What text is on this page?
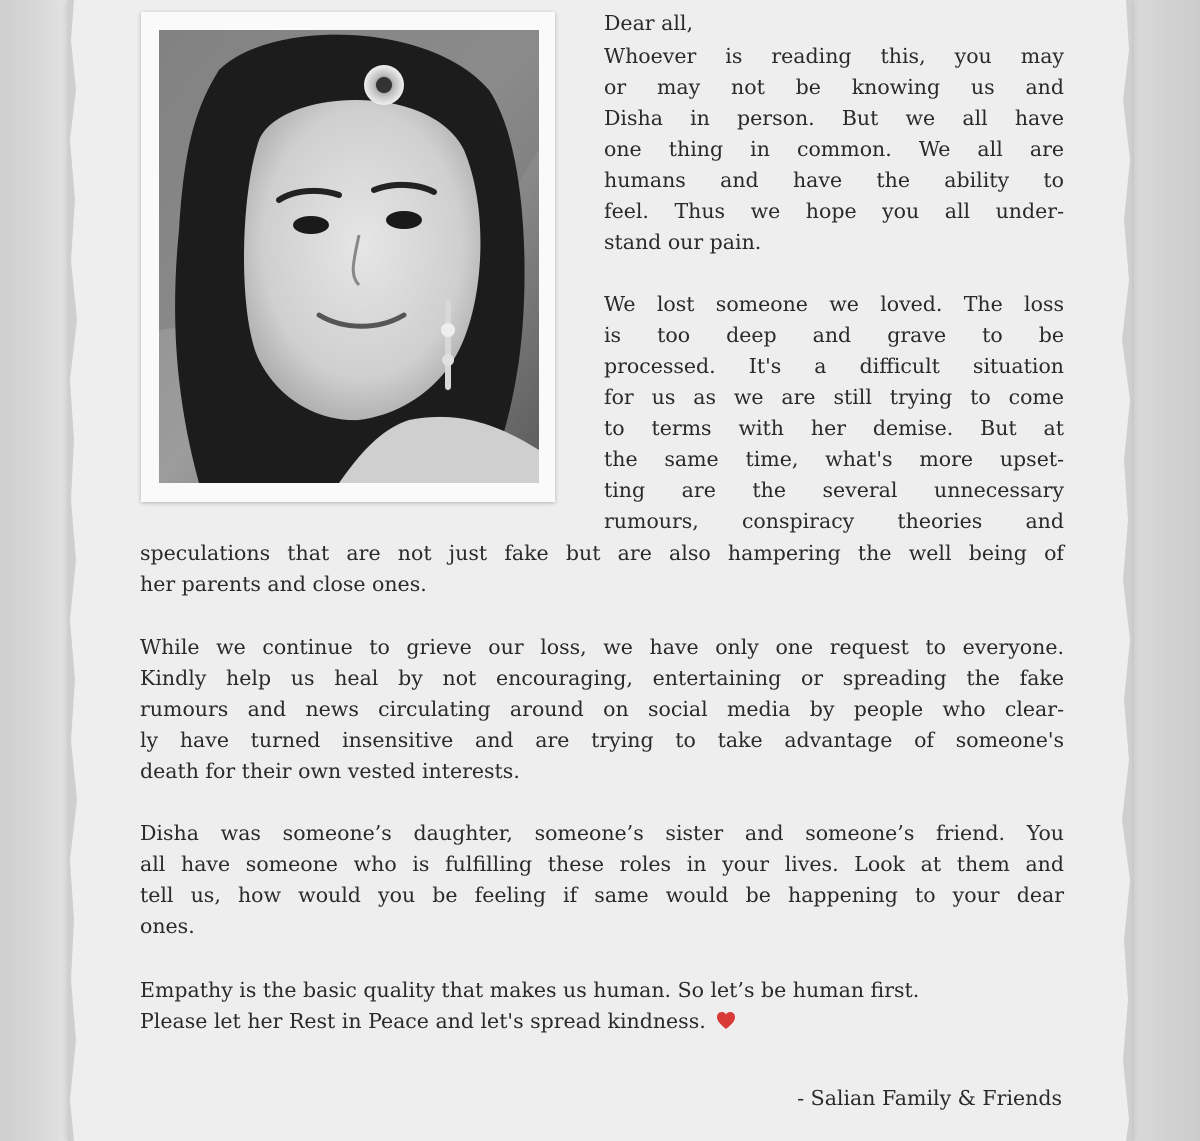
Dear all,
Whoever is reading this, you may
or may not be knowing us and
Disha in person. But we all have
one thing in common. We all are
humans and have the ability to
feel. Thus we hope you all under-
stand our pain.
We lost someone we loved. The loss
is too deep and grave to be
processed. It's a difficult situation
for us as we are still trying to come
to terms with her demise. But at
the same time, what's more upset-
ting are the several unnecessary
rumours, conspiracy theories and
speculations that are not just fake but are also hampering the well being of
her parents and close ones.
While we continue to grieve our loss, we have only one request to everyone.
Kindly help us heal by not encouraging, entertaining or spreading the fake
rumours and news circulating around on social media by people who clear-
ly have turned insensitive and are trying to take advantage of someone's
death for their own vested interests.
Disha was someone’s daughter, someone’s sister and someone’s friend. You
all have someone who is fulfilling these roles in your lives. Look at them and
tell us, how would you be feeling if same would be happening to your dear
ones.
Empathy is the basic quality that makes us human. So let’s be human first.
Please let her Rest in Peace and let's spread kindness.
- Salian Family & Friends
